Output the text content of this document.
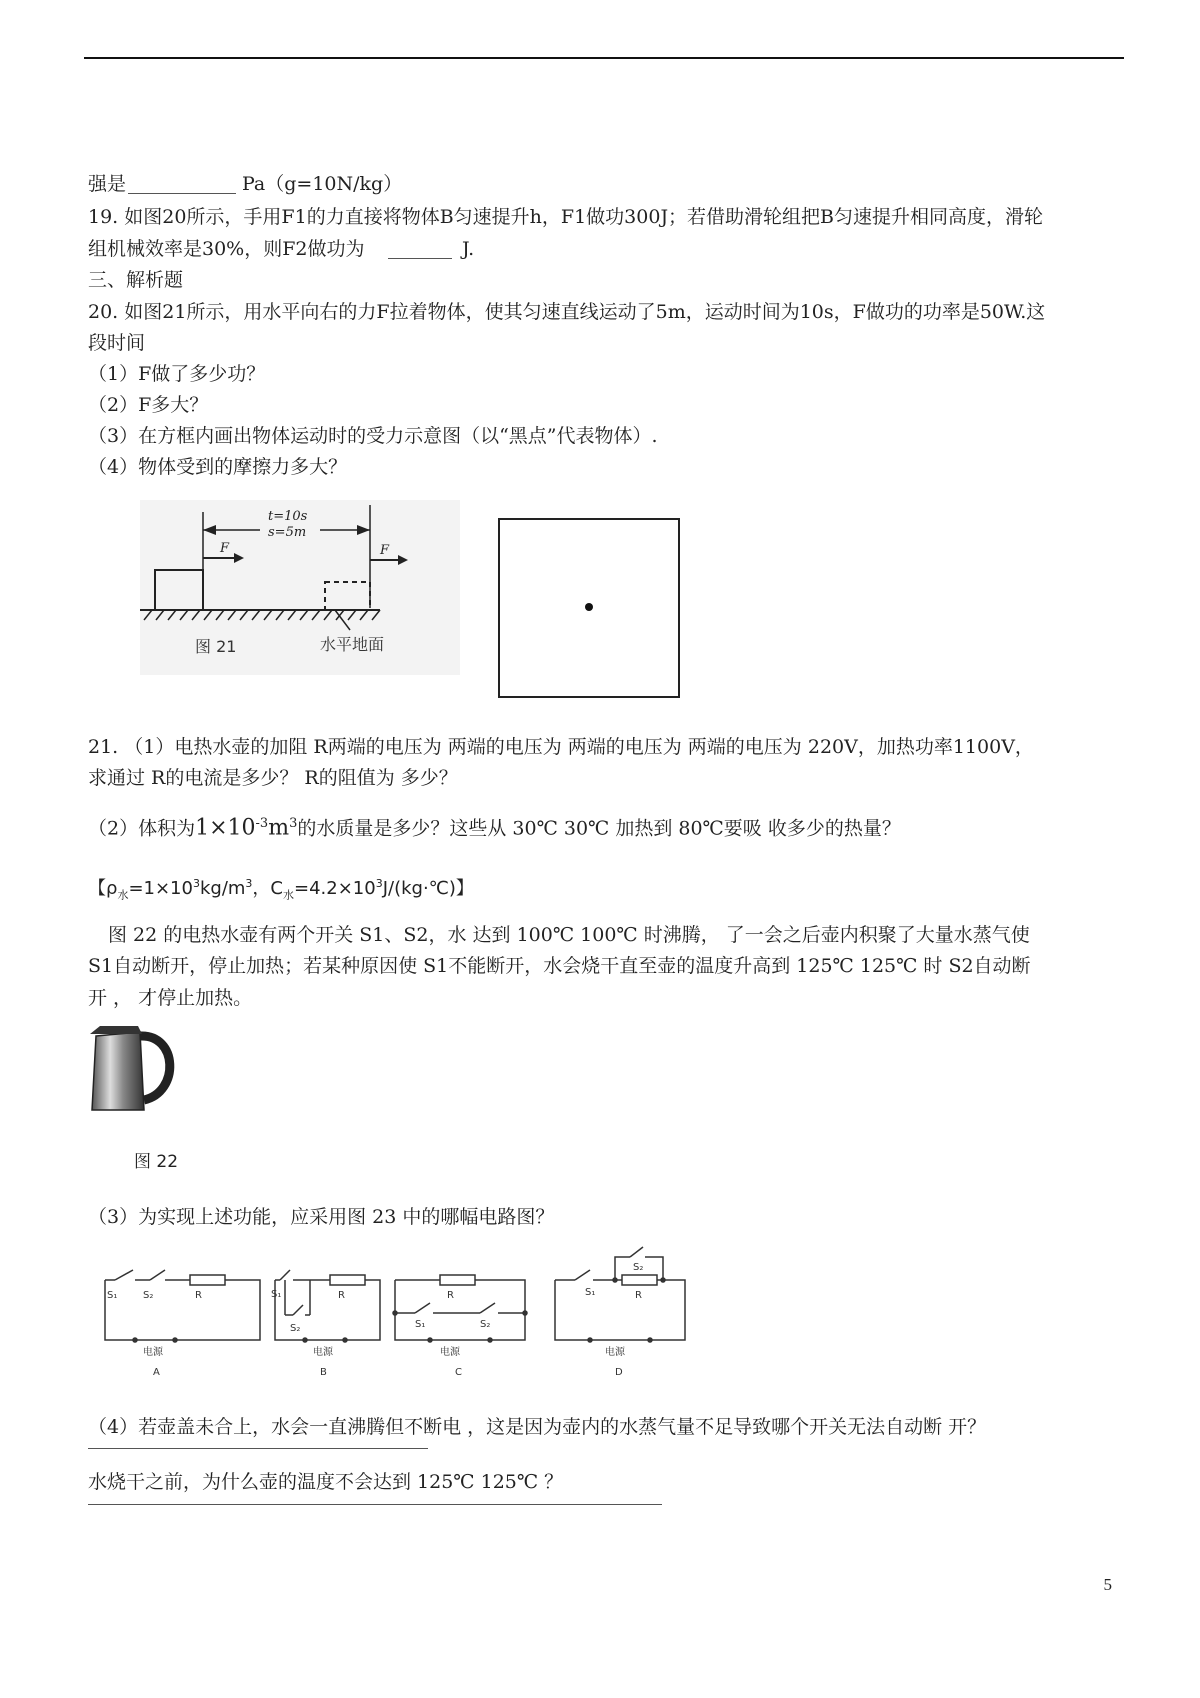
强是	Pa（g=10N/kg）
19. 如图20所示，手用F1的力直接将物体B匀速提升h，F1做功300J；若借助滑轮组把B匀速提升相同高度，滑轮
组机械效率是30%，则F2做功为	J.
三、解析题
20. 如图21所示，用水平向右的力F拉着物体，使其匀速直线运动了5m，运动时间为10s，F做功的功率是50W.这
段时间
（1）F做了多少功？
（2）F多大？
（3）在方框内画出物体运动时的受力示意图（以“黑点”代表物体）.
（4）物体受到的摩擦力多大？
t=10s
s=5m
F	F
图 21	水平地面
21. （1）电热水壶的加阻 R两端的电压为 两端的电压为 两端的电压为 两端的电压为 220V，加热功率1100V，
求通过 R的电流是多少？ R的阻值为 多少？
（2）体积为$1\times 10^{-3}m^3$的水质量是多少？这些从 30℃ 30℃ 加热到 80℃要吸 收多少的热量？
【$\rho_水=1\times 10^3kg/m^3$，$C_水=4.2\times 10^3J/(kg\cdot℃)$】
图 22 的电热水壶有两个开关 S1、S2，水 达到 100℃ 100℃ 时沸腾， 了一会之后壶内积聚了大量水蒸气使
S1自动断开，停止加热；若某种原因使 S1不能断开，水会烧干直至壶的温度升高到 125℃ 125℃ 时 S2自动断
开 ， 才停止加热。
图 22
（3）为实现上述功能，应采用图 23 中的哪幅电路图？
S₁	S₂	R
电源
A
S₁
S₂
R
电源
B
R
S₁	S₂
电源
C
S₁
S₂
R
电源
D
（4）若壶盖未合上，水会一直沸腾但不断电 ，这是因为壶内的水蒸气量不足导致哪个开关无法自动断 开？
水烧干之前，为什么壶的温度不会达到 125℃ 125℃ ？
5
